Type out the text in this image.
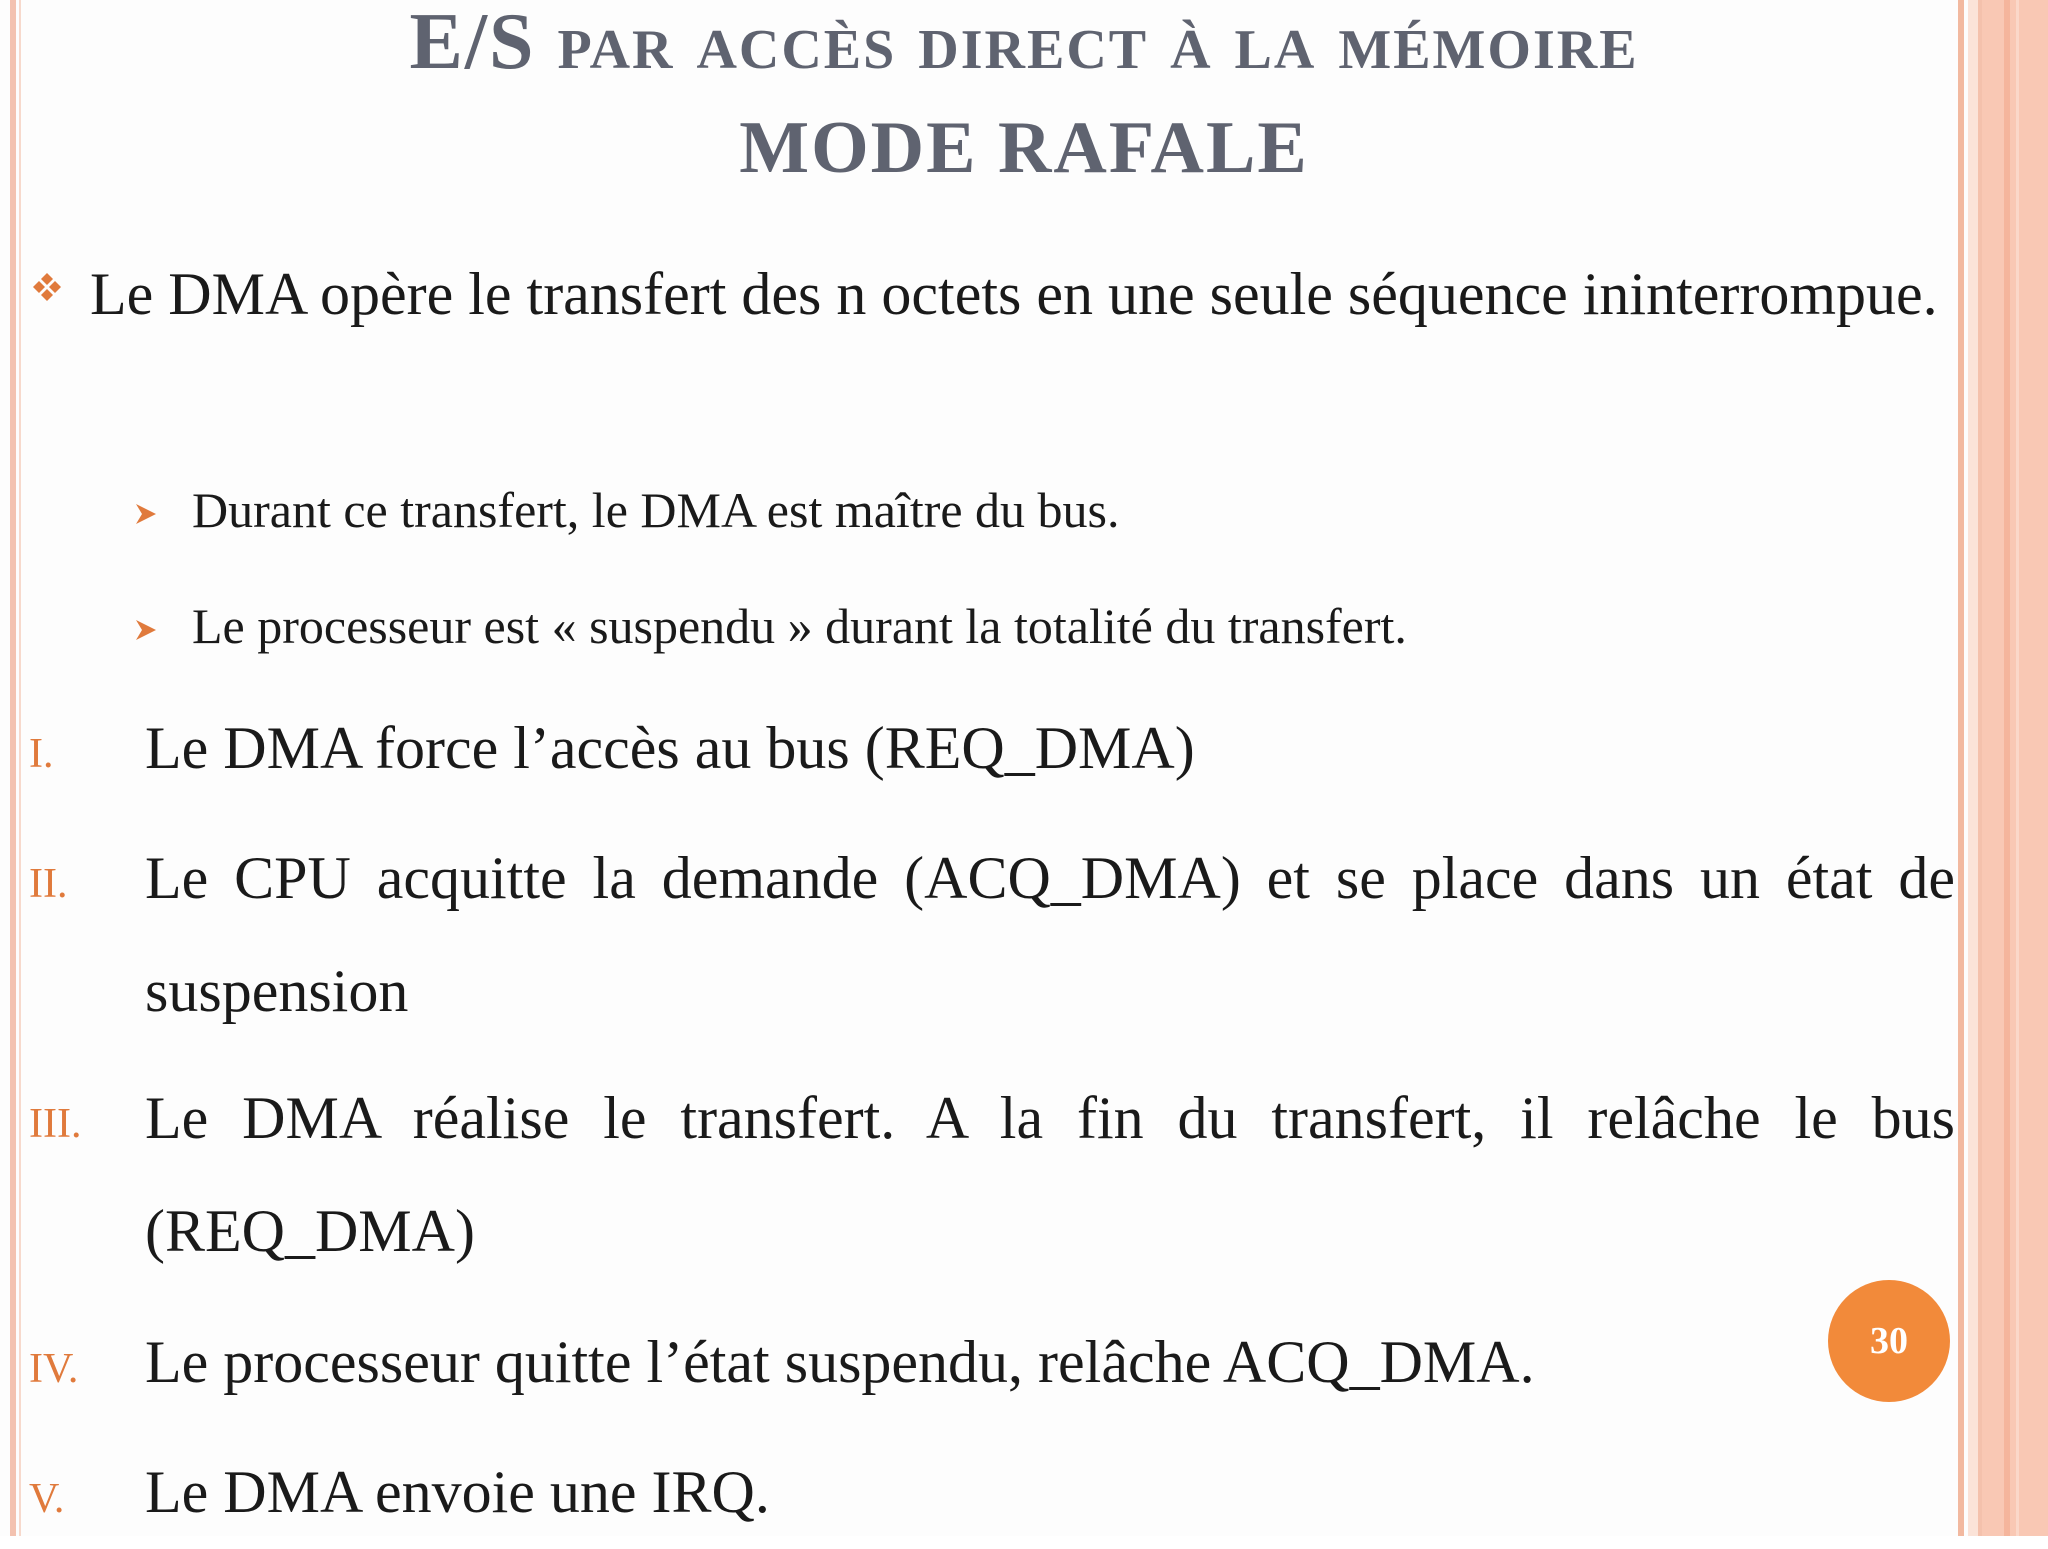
E/S par accès direct à la mémoire
MODE RAFALE
Le DMA opère le transfert des n octets en une seule séquence ininterrompue.
Durant ce transfert, le DMA est maître du bus.
Le processeur est « suspendu » durant la totalité du transfert.
I. Le DMA force l’accès au bus (REQ_DMA)
II. Le CPU acquitte la demande (ACQ_DMA) et se place dans un état de suspension
III. Le DMA réalise le transfert. A la fin du transfert, il relâche le bus (REQ_DMA)
IV. Le processeur quitte l’état suspendu, relâche ACQ_DMA.
V. Le DMA envoie une IRQ.
30
